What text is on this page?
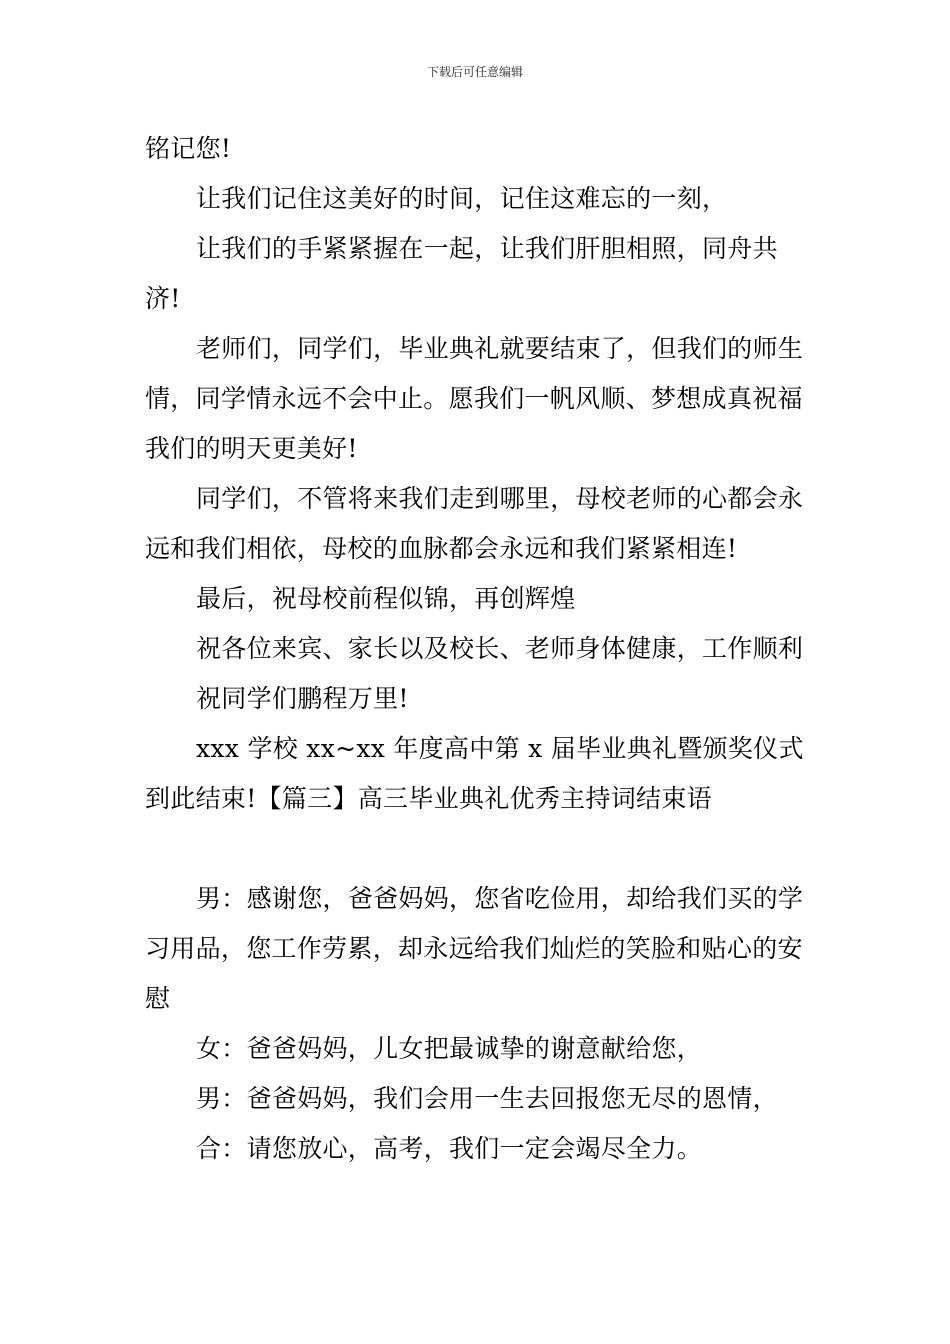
下载后可任意编辑

铭记您!

让我们记住这美好的时间，记住这难忘的一刻，

让我们的手紧紧握在一起，让我们肝胆相照，同舟共济!

老师们，同学们，毕业典礼就要结束了，但我们的师生情，同学情永远不会中止。愿我们一帆风顺、梦想成真祝福我们的明天更美好!

同学们，不管将来我们走到哪里，母校老师的心都会永远和我们相依，母校的血脉都会永远和我们紧紧相连!

最后，祝母校前程似锦，再创辉煌

祝各位来宾、家长以及校长、老师身体健康，工作顺利

祝同学们鹏程万里!

xxx 学校 xx~xx 年度高中第 x 届毕业典礼暨颁奖仪式到此结束!【篇三】高三毕业典礼优秀主持词结束语

男：感谢您，爸爸妈妈，您省吃俭用，却给我们买的学习用品，您工作劳累，却永远给我们灿烂的笑脸和贴心的安慰

女：爸爸妈妈，儿女把最诚挚的谢意献给您，

男：爸爸妈妈，我们会用一生去回报您无尽的恩情，

合：请您放心，高考，我们一定会竭尽全力。
